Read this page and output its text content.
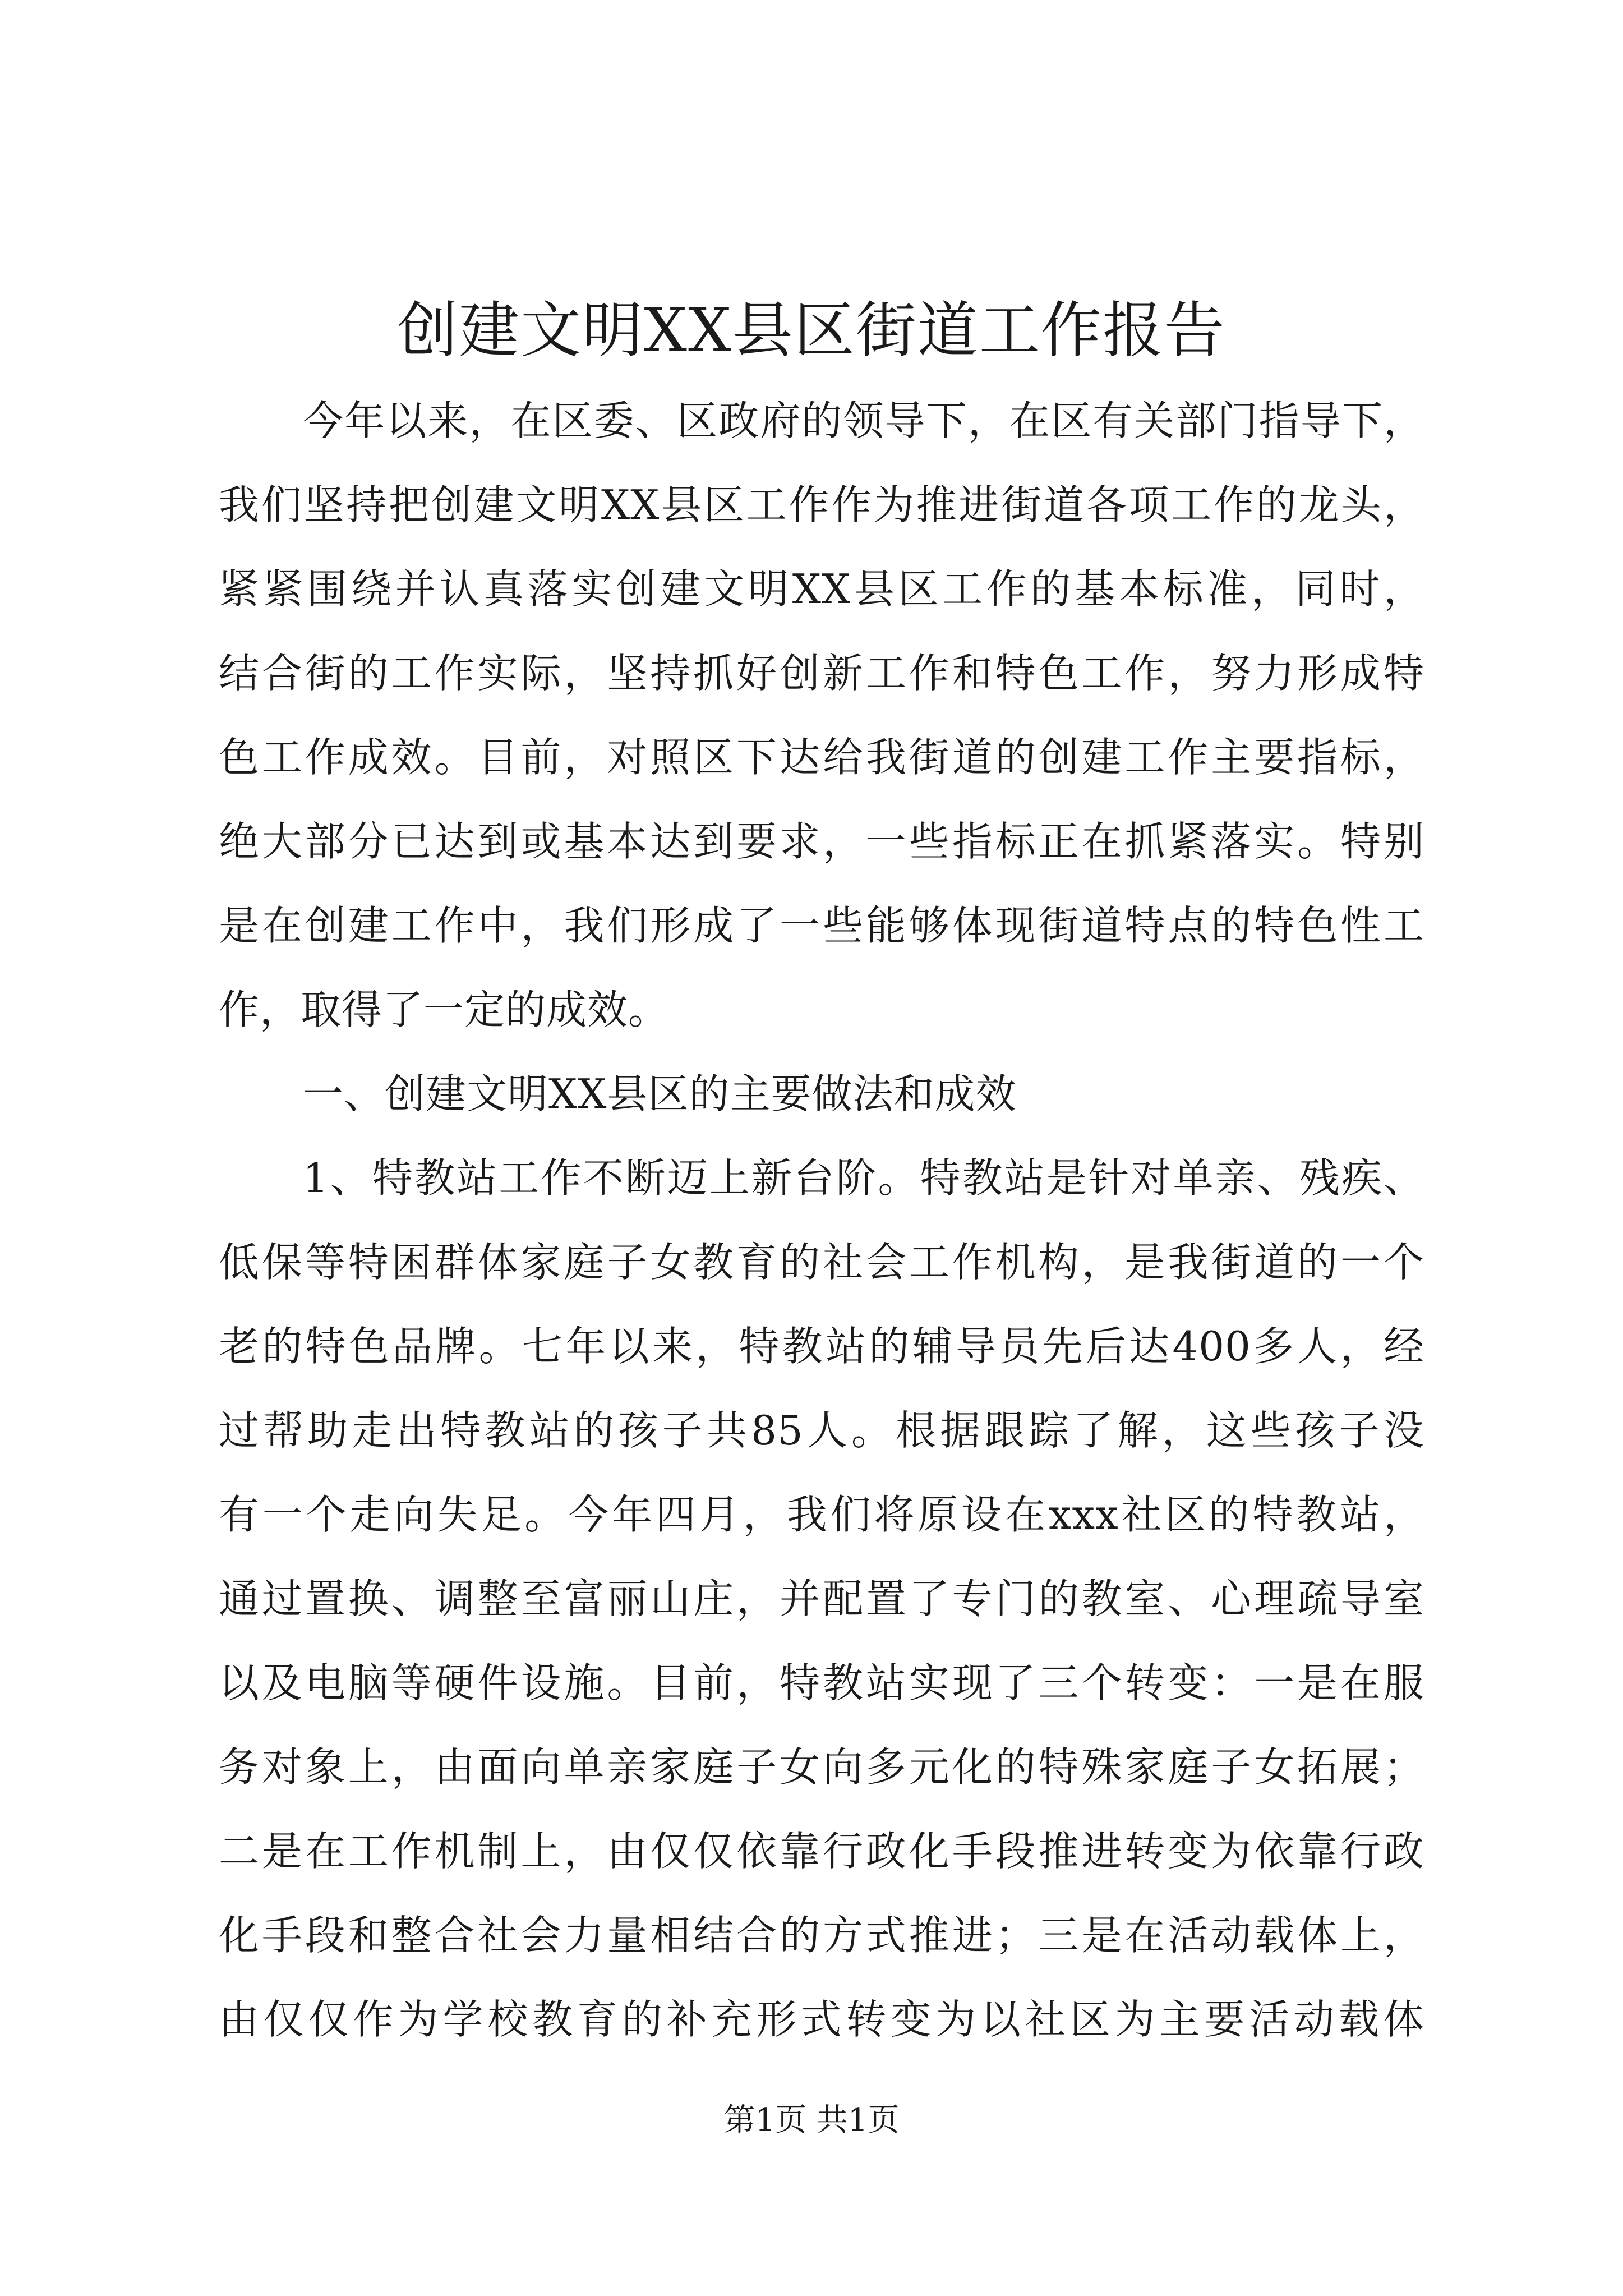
创建文明XX县区街道工作报告
今年以来，在区委、区政府的领导下，在区有关部门指导下，
我们坚持把创建文明XX县区工作作为推进街道各项工作的龙头，
紧紧围绕并认真落实创建文明XX县区工作的基本标准，同时，
结合街的工作实际，坚持抓好创新工作和特色工作，努力形成特
色工作成效。目前，对照区下达给我街道的创建工作主要指标，
绝大部分已达到或基本达到要求，一些指标正在抓紧落实。特别
是在创建工作中，我们形成了一些能够体现街道特点的特色性工
作，取得了一定的成效。
一、创建文明XX县区的主要做法和成效
1、特教站工作不断迈上新台阶。特教站是针对单亲、残疾、
低保等特困群体家庭子女教育的社会工作机构，是我街道的一个
老的特色品牌。七年以来，特教站的辅导员先后达400多人，经
过帮助走出特教站的孩子共85人。根据跟踪了解，这些孩子没
有一个走向失足。今年四月，我们将原设在xxx社区的特教站，
通过置换、调整至富丽山庄，并配置了专门的教室、心理疏导室
以及电脑等硬件设施。目前，特教站实现了三个转变：一是在服
务对象上，由面向单亲家庭子女向多元化的特殊家庭子女拓展；
二是在工作机制上，由仅仅依靠行政化手段推进转变为依靠行政
化手段和整合社会力量相结合的方式推进；三是在活动载体上，
由仅仅作为学校教育的补充形式转变为以社区为主要活动载体
第1页 共1页
